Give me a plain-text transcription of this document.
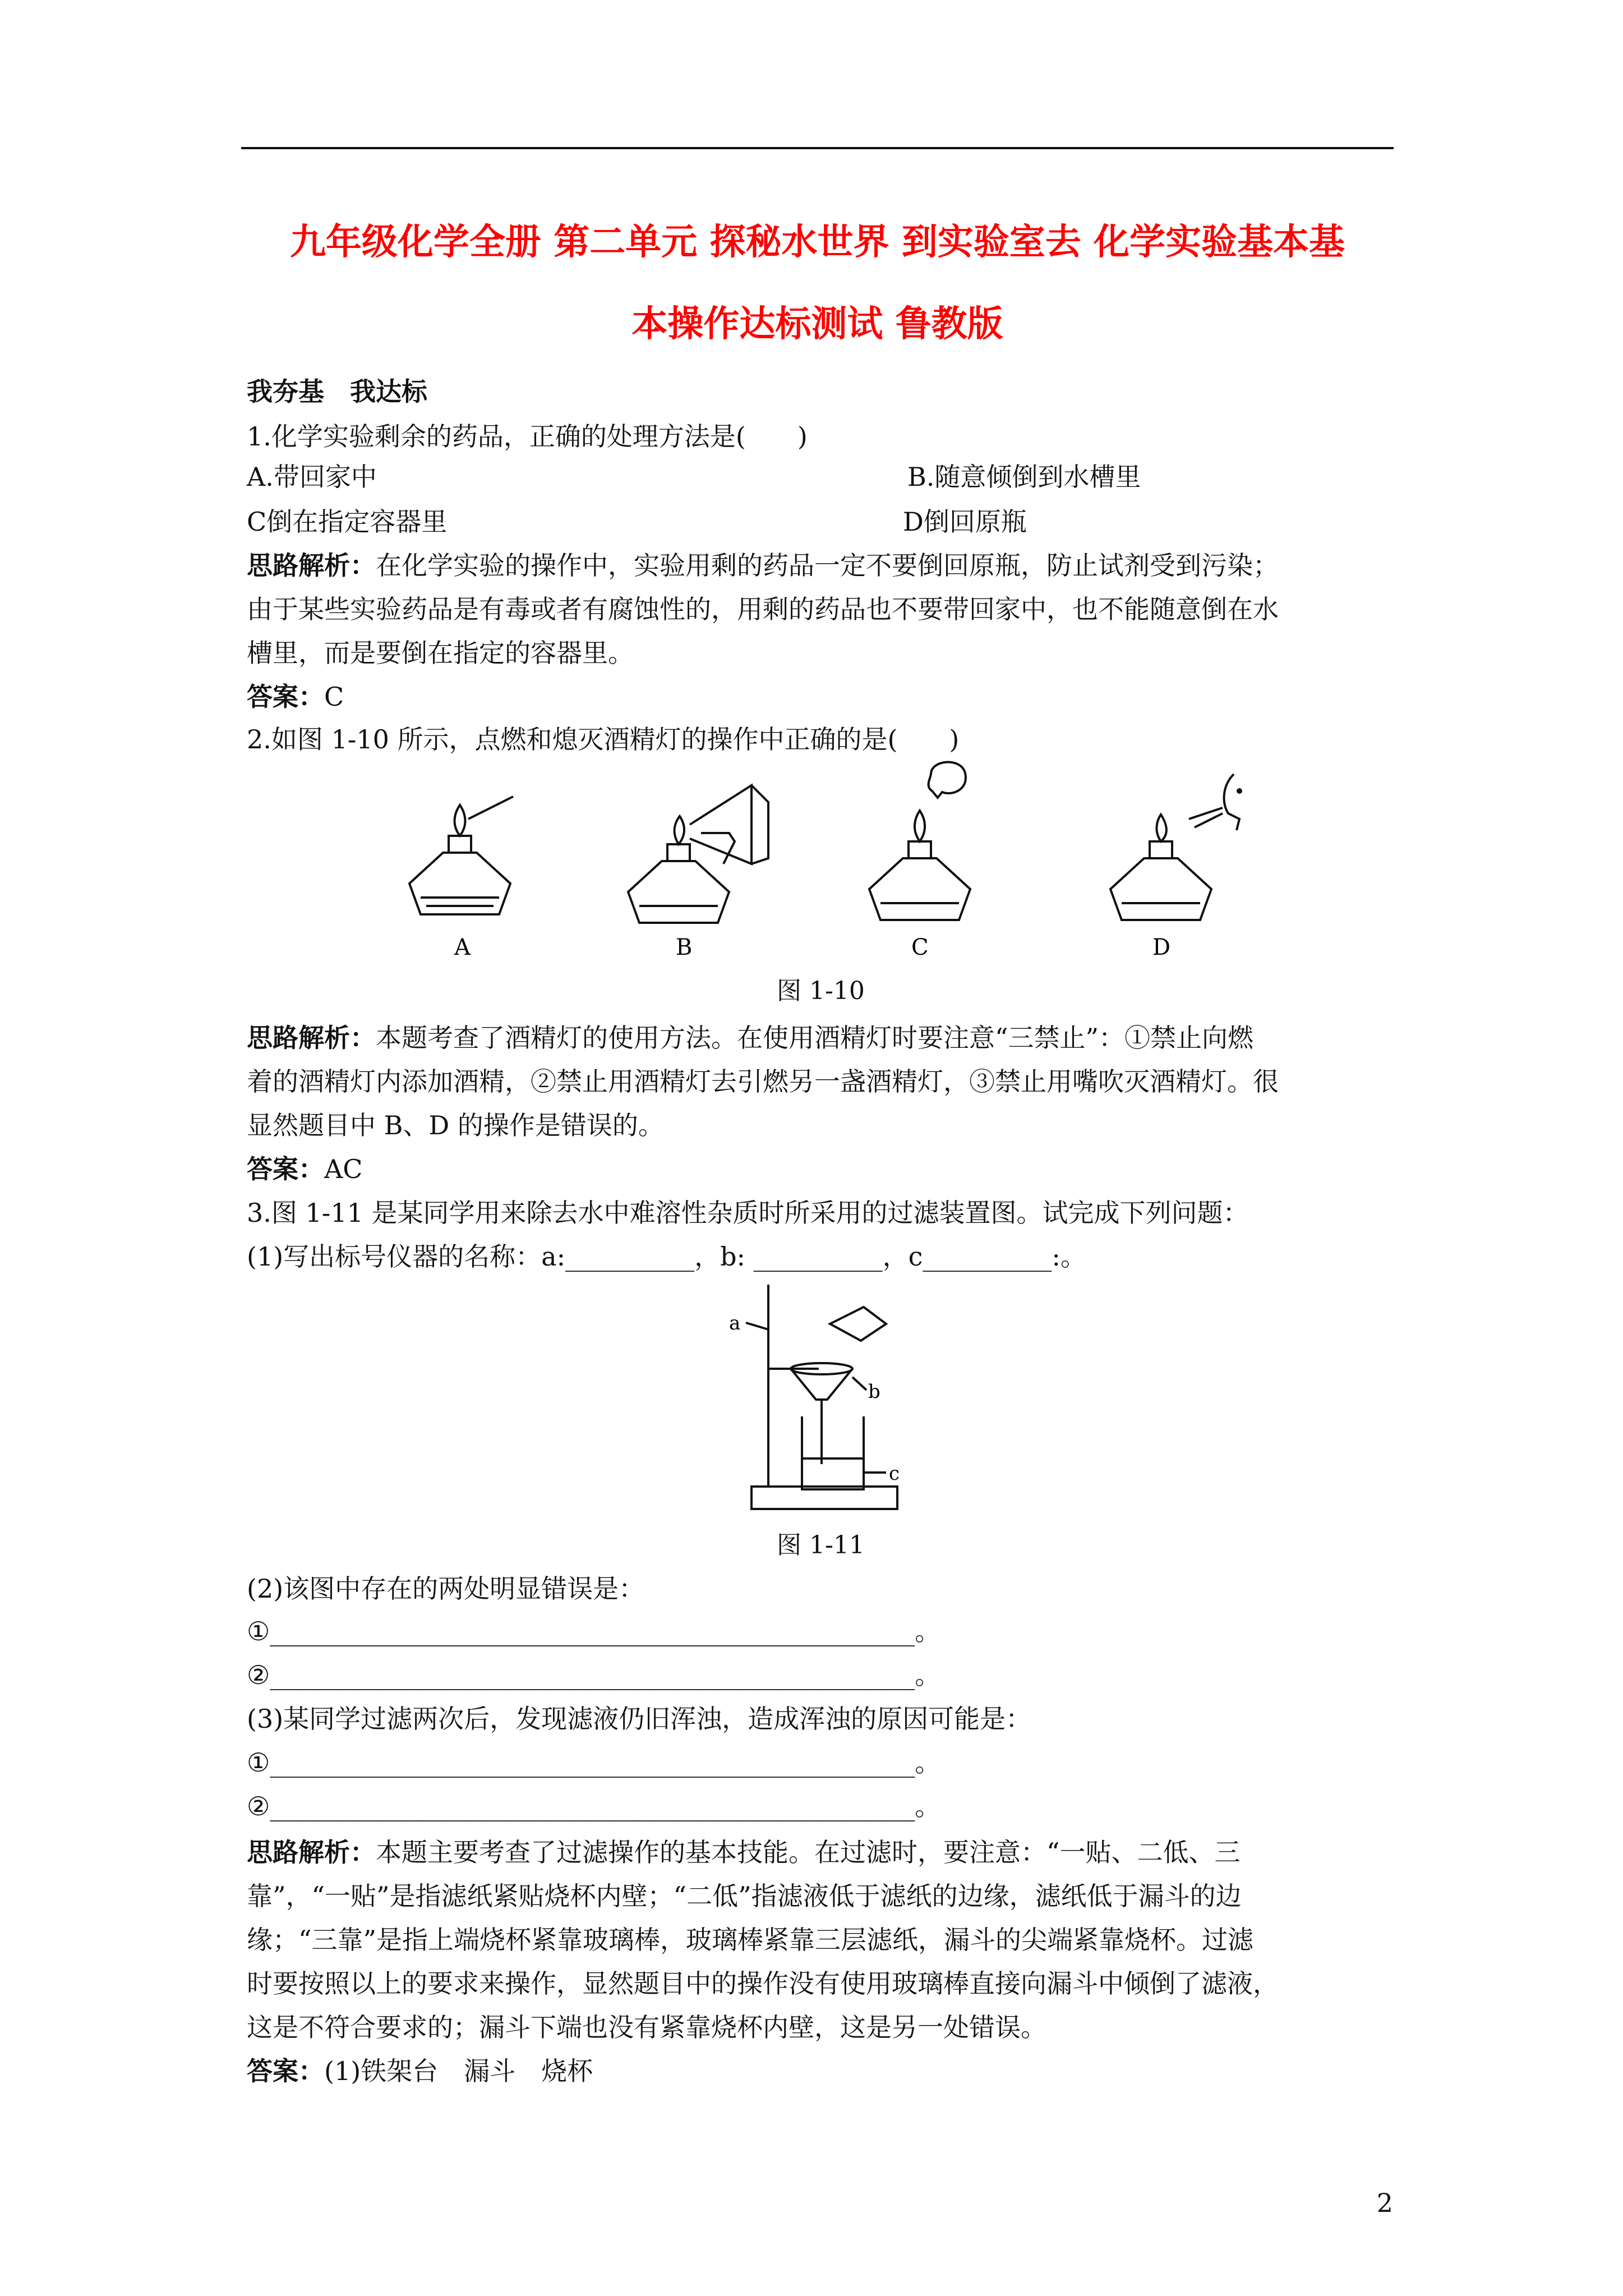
九年级化学全册 第二单元 探秘水世界 到实验室去 化学实验基本基
本操作达标测试 鲁教版
我夯基　我达标
1.化学实验剩余的药品，正确的处理方法是(　　)
A.带回家中	B.随意倾倒到水槽里
C倒在指定容器里	D倒回原瓶
思路解析：在化学实验的操作中，实验用剩的药品一定不要倒回原瓶，防止试剂受到污染；
由于某些实验药品是有毒或者有腐蚀性的，用剩的药品也不要带回家中，也不能随意倒在水
槽里，而是要倒在指定的容器里。
答案：C
2.如图 1-10 所示，点燃和熄灭酒精灯的操作中正确的是(　　)
A	B	C	D
图 1-10
思路解析：本题考查了酒精灯的使用方法。在使用酒精灯时要注意“三禁止”：①禁止向燃
着的酒精灯内添加酒精，②禁止用酒精灯去引燃另一盏酒精灯，③禁止用嘴吹灭酒精灯。很
显然题目中 B、D 的操作是错误的。
答案：AC
3.图 1-11 是某同学用来除去水中难溶性杂质时所采用的过滤装置图。试完成下列问题：
(1)写出标号仪器的名称：a:__________，b: __________，c__________:。
a
b
c
图 1-11
(2)该图中存在的两处明显错误是：
①__________________________________________________。
②__________________________________________________。
(3)某同学过滤两次后，发现滤液仍旧浑浊，造成浑浊的原因可能是：
①__________________________________________________。
②__________________________________________________。
思路解析：本题主要考查了过滤操作的基本技能。在过滤时，要注意：“一贴、二低、三
靠”，“一贴”是指滤纸紧贴烧杯内壁；“二低”指滤液低于滤纸的边缘，滤纸低于漏斗的边
缘；“三靠”是指上端烧杯紧靠玻璃棒，玻璃棒紧靠三层滤纸，漏斗的尖端紧靠烧杯。过滤
时要按照以上的要求来操作，显然题目中的操作没有使用玻璃棒直接向漏斗中倾倒了滤液，
这是不符合要求的；漏斗下端也没有紧靠烧杯内壁，这是另一处错误。
答案：(1)铁架台　漏斗　烧杯
2
